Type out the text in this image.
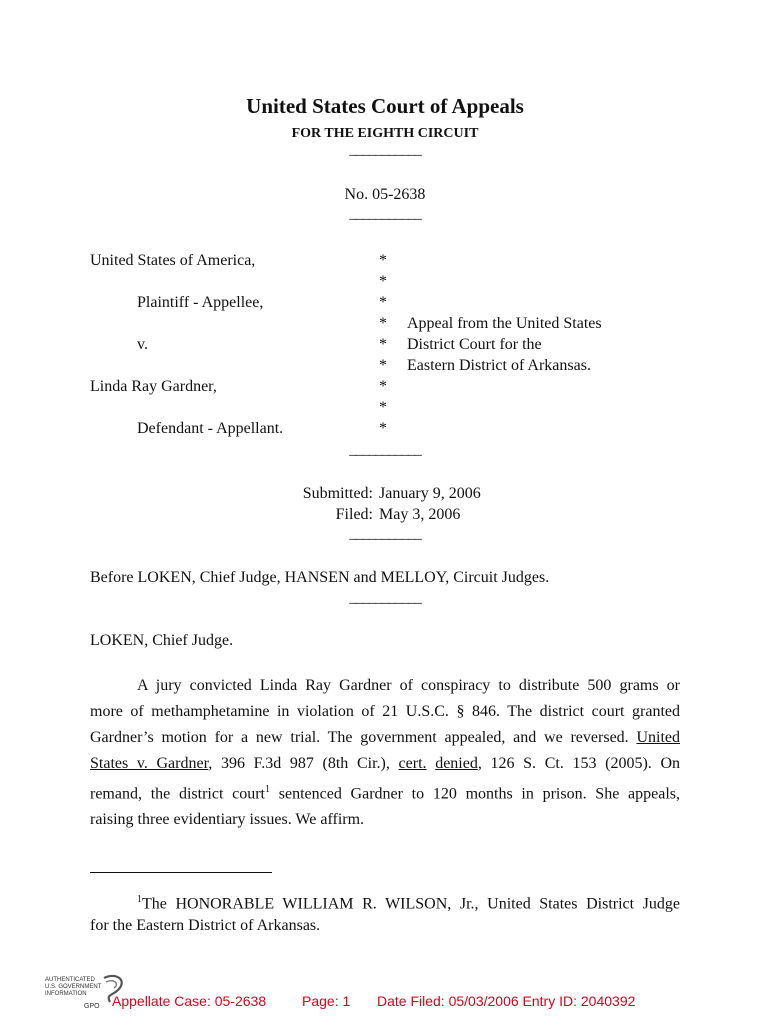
United States Court of Appeals
FOR THE EIGHTH CIRCUIT
___________
No. 05-2638
___________
United States of America,
Plaintiff - Appellee,
v.
Linda Ray Gardner,
Defendant - Appellant.
*
*
*
*
*
*
*
*
*
Appeal from the United States
District Court for the
Eastern District of Arkansas.
___________
Submitted: January 9, 2006
Filed: May 3, 2006
___________
Before LOKEN, Chief Judge, HANSEN and MELLOY, Circuit Judges.
___________
LOKEN, Chief Judge.
A jury convicted Linda Ray Gardner of conspiracy to distribute 500 grams or
more of methamphetamine in violation of 21 U.S.C. § 846. The district court granted
Gardner’s motion for a new trial. The government appealed, and we reversed. United
States v. Gardner, 396 F.3d 987 (8th Cir.), cert. denied, 126 S. Ct. 153 (2005). On
remand, the district court$^1$ sentenced Gardner to 120 months in prison. She appeals,
raising three evidentiary issues. We affirm.
$^1$The HONORABLE WILLIAM R. WILSON, Jr., United States District Judge
for the Eastern District of Arkansas.
AUTHENTICATED
U.S. GOVERNMENT
INFORMATION
GPO Appellate Case: 05-2638	Page: 1 Date Filed: 05/03/2006 Entry ID: 2040392
